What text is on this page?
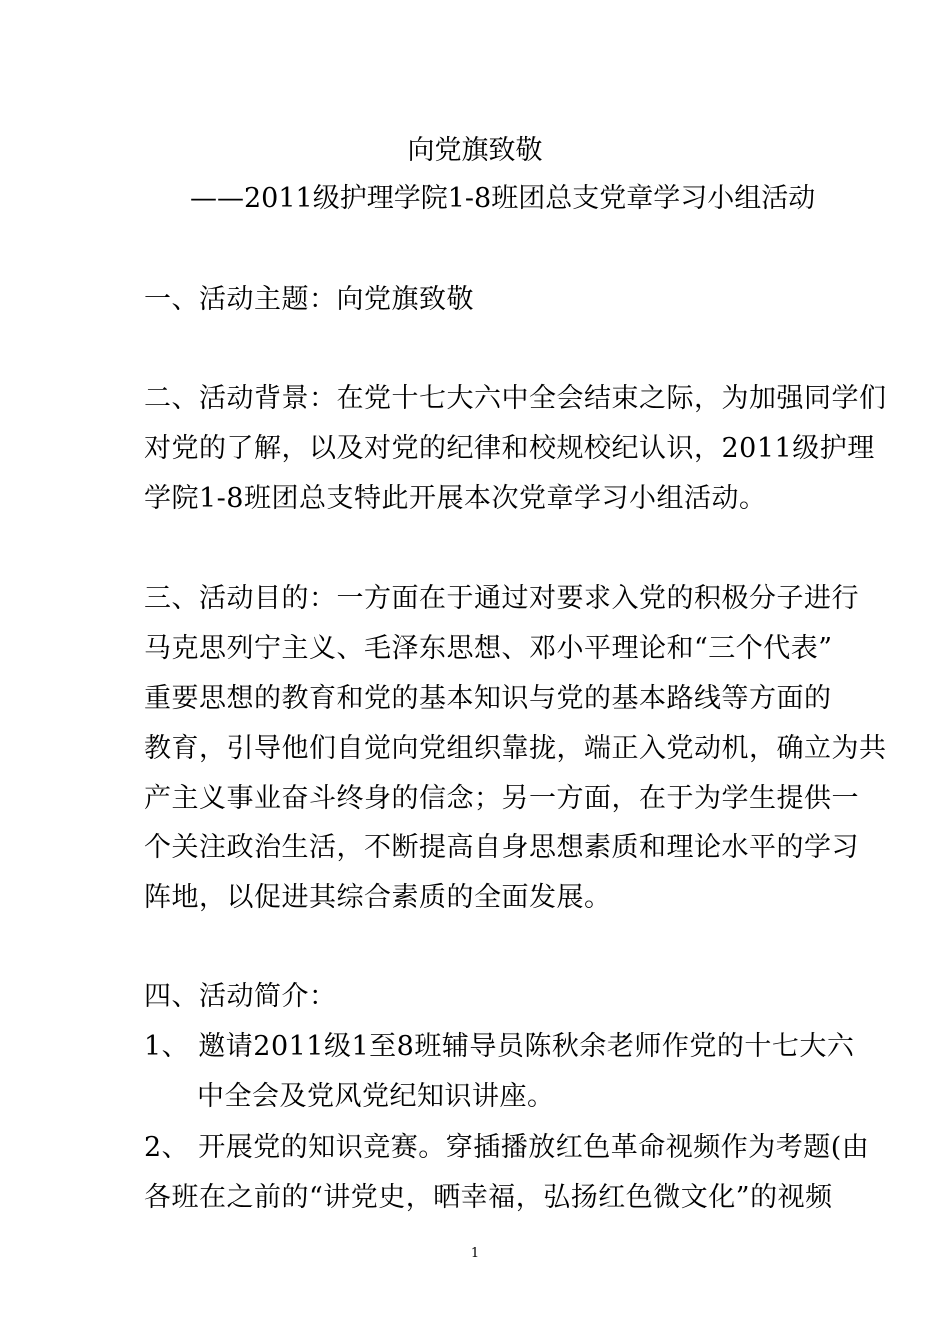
向党旗致敬
——2011级护理学院1-8班团总支党章学习小组活动
一、活动主题：向党旗致敬
二、活动背景：在党十七大六中全会结束之际，为加强同学们
对党的了解，以及对党的纪律和校规校纪认识，2011级护理
学院1-8班团总支特此开展本次党章学习小组活动。
三、活动目的：一方面在于通过对要求入党的积极分子进行
马克思列宁主义、毛泽东思想、邓小平理论和“三个代表”
重要思想的教育和党的基本知识与党的基本路线等方面的
教育，引导他们自觉向党组织靠拢，端正入党动机，确立为共
产主义事业奋斗终身的信念；另一方面，在于为学生提供一
个关注政治生活，不断提高自身思想素质和理论水平的学习
阵地，以促进其综合素质的全面发展。
四、活动简介：
1、 邀请2011级1至8班辅导员陈秋余老师作党的十七大六
中全会及党风党纪知识讲座。
2、 开展党的知识竞赛。穿插播放红色革命视频作为考题(由
各班在之前的“讲党史，晒幸福，弘扬红色微文化”的视频
1
